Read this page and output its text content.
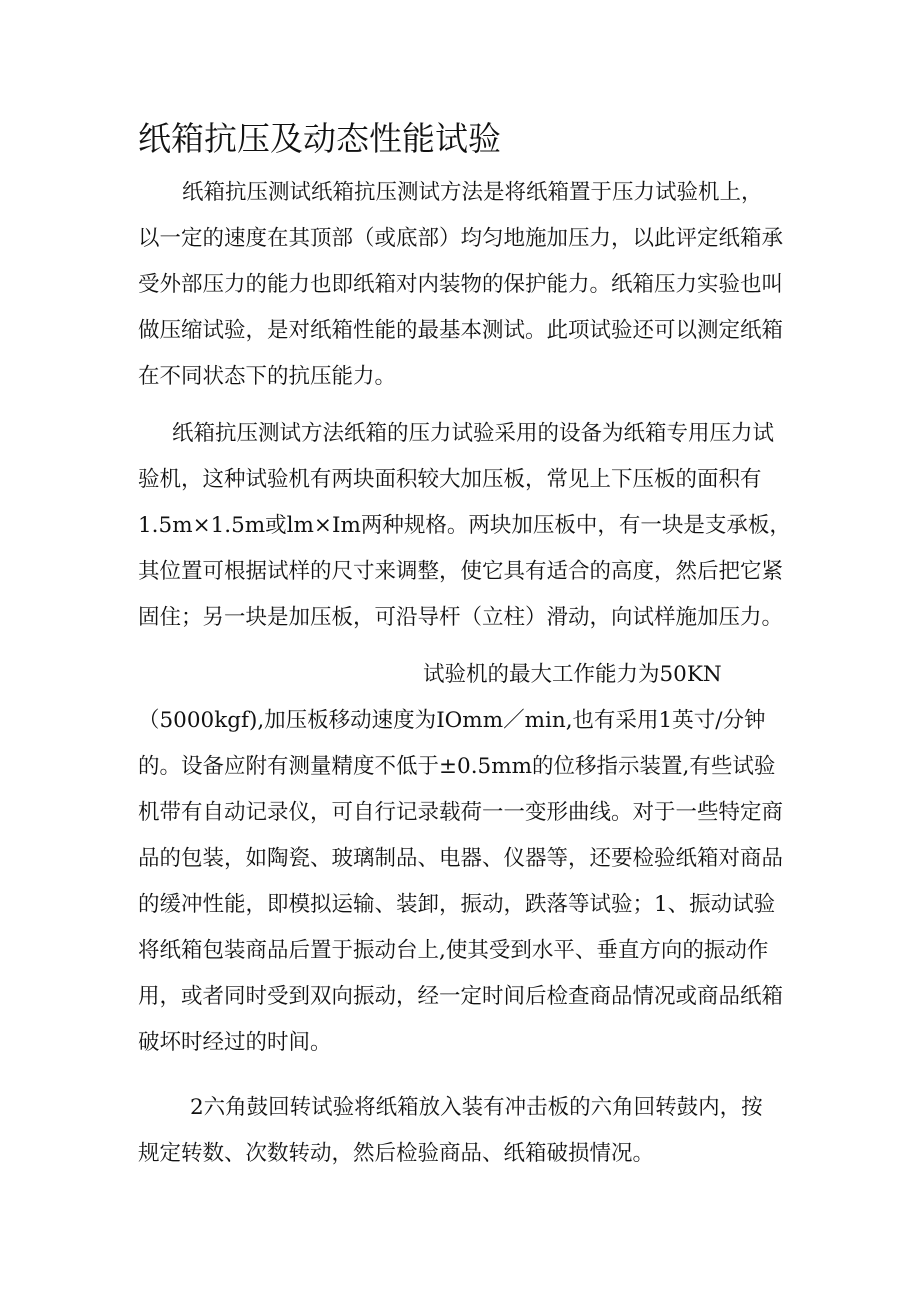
纸箱抗压及动态性能试验
纸箱抗压测试纸箱抗压测试方法是将纸箱置于压力试验机上，
以一定的速度在其顶部（或底部）均匀地施加压力，以此评定纸箱承
受外部压力的能力也即纸箱对内装物的保护能力。纸箱压力实验也叫
做压缩试验，是对纸箱性能的最基本测试。此项试验还可以测定纸箱
在不同状态下的抗压能力。
纸箱抗压测试方法纸箱的压力试验采用的设备为纸箱专用压力试
验机，这种试验机有两块面积较大加压板，常见上下压板的面积有
1.5m×1.5m或lm×Im两种规格。两块加压板中，有一块是支承板，
其位置可根据试样的尺寸来调整，使它具有适合的高度，然后把它紧
固住；另一块是加压板，可沿导杆（立柱）滑动，向试样施加压力。
试验机的最大工作能力为50KN
（5000kgf),加压板移动速度为IOmm／min,也有采用1英寸/分钟
的。设备应附有测量精度不低于±0.5mm的位移指示装置,有些试验
机带有自动记录仪，可自行记录载荷一一变形曲线。对于一些特定商
品的包装，如陶瓷、玻璃制品、电器、仪器等，还要检验纸箱对商品
的缓冲性能，即模拟运输、装卸，振动，跌落等试验；1、振动试验
将纸箱包装商品后置于振动台上,使其受到水平、垂直方向的振动作
用，或者同时受到双向振动，经一定时间后检查商品情况或商品纸箱
破坏时经过的时间。
2六角鼓回转试验将纸箱放入装有冲击板的六角回转鼓内，按
规定转数、次数转动，然后检验商品、纸箱破损情况。
